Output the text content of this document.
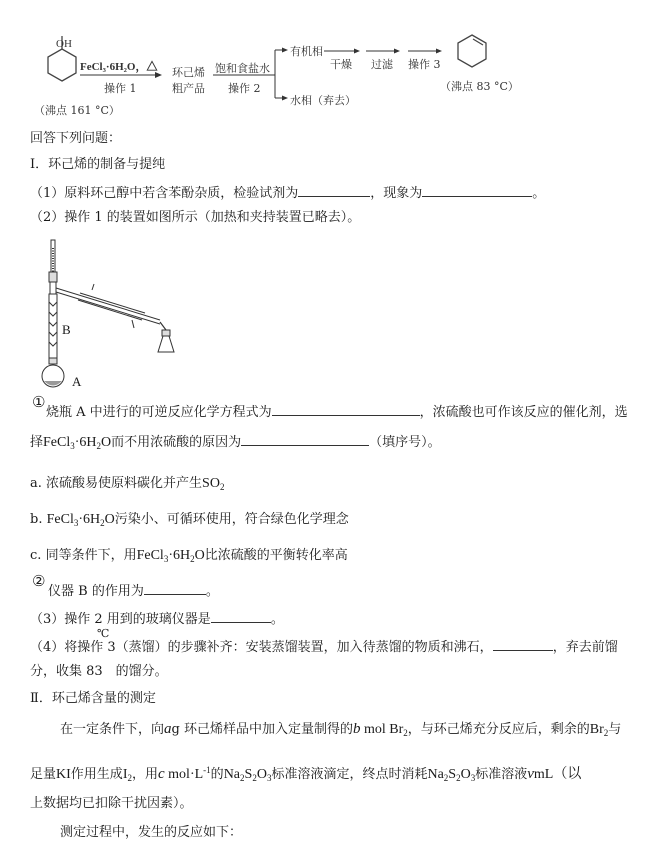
OH
FeCl₃·6H₂O，△
操作 1
（沸点 161 °C）
环己烯
粗产品
饱和食盐水
操作 2
有机相
干燥 过滤 操作 3
水相（弃去）
（沸点 83 °C）
回答下列问题：
Ⅰ．环己烯的制备与提纯
（1）原料环己醇中若含苯酚杂质，检验试剂为	，现象为	。
（2）操作 1 的装置如图所示（加热和夹持装置已略去）。
B
A
①
烧瓶 A 中进行的可逆反应化学方程式为	，浓硫酸也可作该反应的催化剂，选
择$FeCl_3\cdot 6H_2O$而不用浓硫酸的原因为	（填序号）。
a. 浓硫酸易使原料碳化并产生$SO_2$
b. $FeCl_3\cdot 6H_2O$污染小、可循环使用，符合绿色化学理念
c. 同等条件下，用$FeCl_3\cdot 6H_2O$比浓硫酸的平衡转化率高
②
仪器 B 的作用为	。
（3）操作 2 用到的玻璃仪器是	。
℃
（4）将操作 3（蒸馏）的步骤补齐：安装蒸馏装置，加入待蒸馏的物质和沸石，	，弃去前馏
分，收集 83　的馏分。
Ⅱ．环己烯含量的测定
在一定条件下，向ag 环己烯样品中加入定量制得的b mol $Br_2$，与环己烯充分反应后，剩余的$Br_2$与
足量KI作用生成$I_2$，用c $mol\cdot L^{-1}$的$Na_2S_2O_3$标准溶液滴定，终点时消耗$Na_2S_2O_3$标准溶液vmL（以
上数据均已扣除干扰因素）。
测定过程中，发生的反应如下：
